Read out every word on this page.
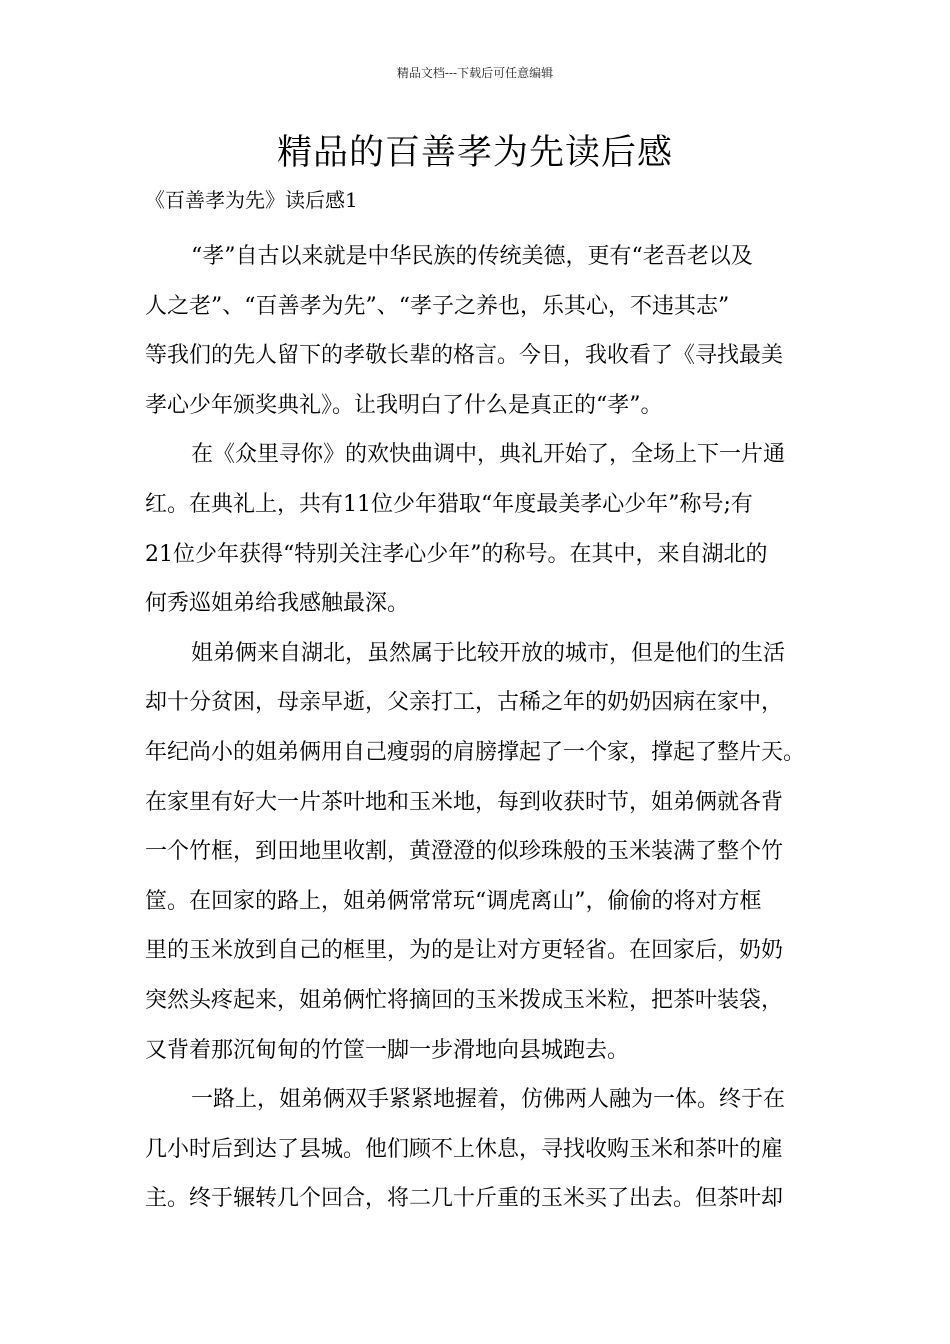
精品文档---下载后可任意编辑
精品的百善孝为先读后感
《百善孝为先》读后感1
“孝”自古以来就是中华民族的传统美德，更有“老吾老以及
人之老”、“百善孝为先”、“孝子之养也，乐其心，不违其志”
等我们的先人留下的孝敬长辈的格言。今日，我收看了《寻找最美
孝心少年颁奖典礼》。让我明白了什么是真正的“孝”。
在《众里寻你》的欢快曲调中，典礼开始了，全场上下一片通
红。在典礼上，共有11位少年猎取“年度最美孝心少年”称号;有
21位少年获得“特别关注孝心少年”的称号。在其中，来自湖北的
何秀巡姐弟给我感触最深。
姐弟俩来自湖北，虽然属于比较开放的城市，但是他们的生活
却十分贫困，母亲早逝，父亲打工，古稀之年的奶奶因病在家中，
年纪尚小的姐弟俩用自己瘦弱的肩膀撑起了一个家，撑起了整片天。
在家里有好大一片茶叶地和玉米地，每到收获时节，姐弟俩就各背
一个竹框，到田地里收割，黄澄澄的似珍珠般的玉米装满了整个竹
筐。在回家的路上，姐弟俩常常玩“调虎离山”，偷偷的将对方框
里的玉米放到自己的框里，为的是让对方更轻省。在回家后，奶奶
突然头疼起来，姐弟俩忙将摘回的玉米拨成玉米粒，把茶叶装袋，
又背着那沉甸甸的竹筐一脚一步滑地向县城跑去。
一路上，姐弟俩双手紧紧地握着，仿佛两人融为一体。终于在
几小时后到达了县城。他们顾不上休息，寻找收购玉米和茶叶的雇
主。终于辗转几个回合，将二几十斤重的玉米买了出去。但茶叶却
